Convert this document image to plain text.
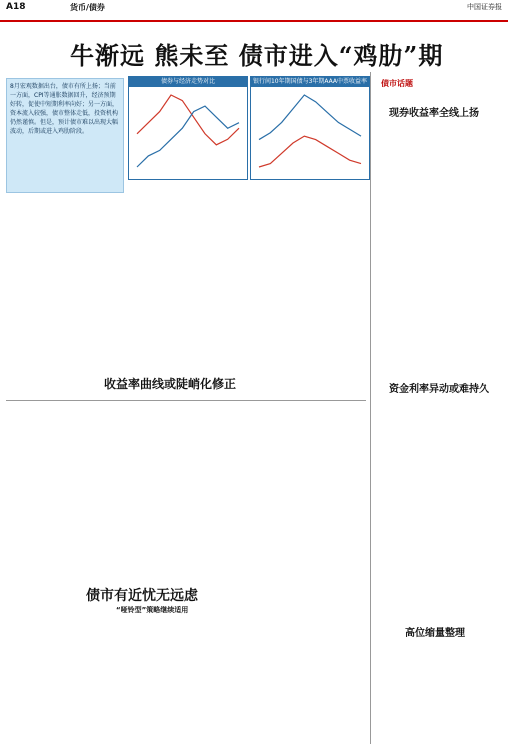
A18	货币/债券	中国证券报
牛渐远 熊未至 债市进入“鸡肋”期

8月宏观数据出台，债市有所上扬；当前一方面，CPI等通胀数据回升，经济预期好转，促使中短期利率向好；另一方面，资本流入较强，债市整体走低，投资机构仍然谨慎。但是，预计债市难以出现大幅波动，后期或进入鸡肋阶段。

债券与经济走势对比	银行间10年期国债与3年期AAA中票收益率走势
收益率曲线或陡峭化修正
债市有近忧无远虑
“哑铃型”策略继续适用
债市话题
现券收益率全线上扬
资金利率异动或难持久
高位缩量整理
